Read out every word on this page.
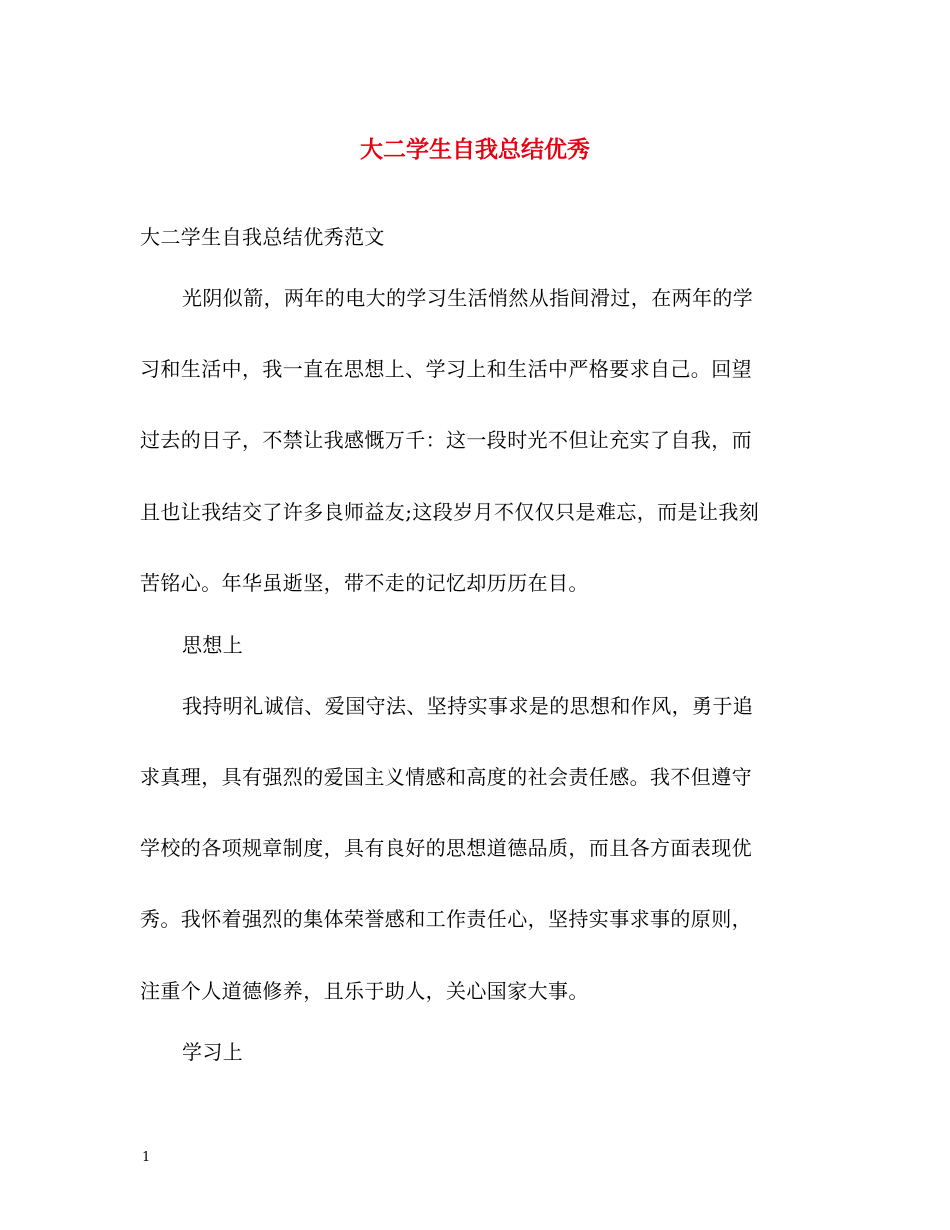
大二学生自我总结优秀
大二学生自我总结优秀范文
光阴似箭，两年的电大的学习生活悄然从指间滑过，在两年的学
习和生活中，我一直在思想上、学习上和生活中严格要求自己。回望
过去的日子，不禁让我感慨万千：这一段时光不但让充实了自我，而
且也让我结交了许多良师益友;这段岁月不仅仅只是难忘，而是让我刻
苦铭心。年华虽逝坚，带不走的记忆却历历在目。
思想上
我持明礼诚信、爱国守法、坚持实事求是的思想和作风，勇于追
求真理，具有强烈的爱国主义情感和高度的社会责任感。我不但遵守
学校的各项规章制度，具有良好的思想道德品质，而且各方面表现优
秀。我怀着强烈的集体荣誉感和工作责任心，坚持实事求事的原则，
注重个人道德修养，且乐于助人，关心国家大事。
学习上
1
